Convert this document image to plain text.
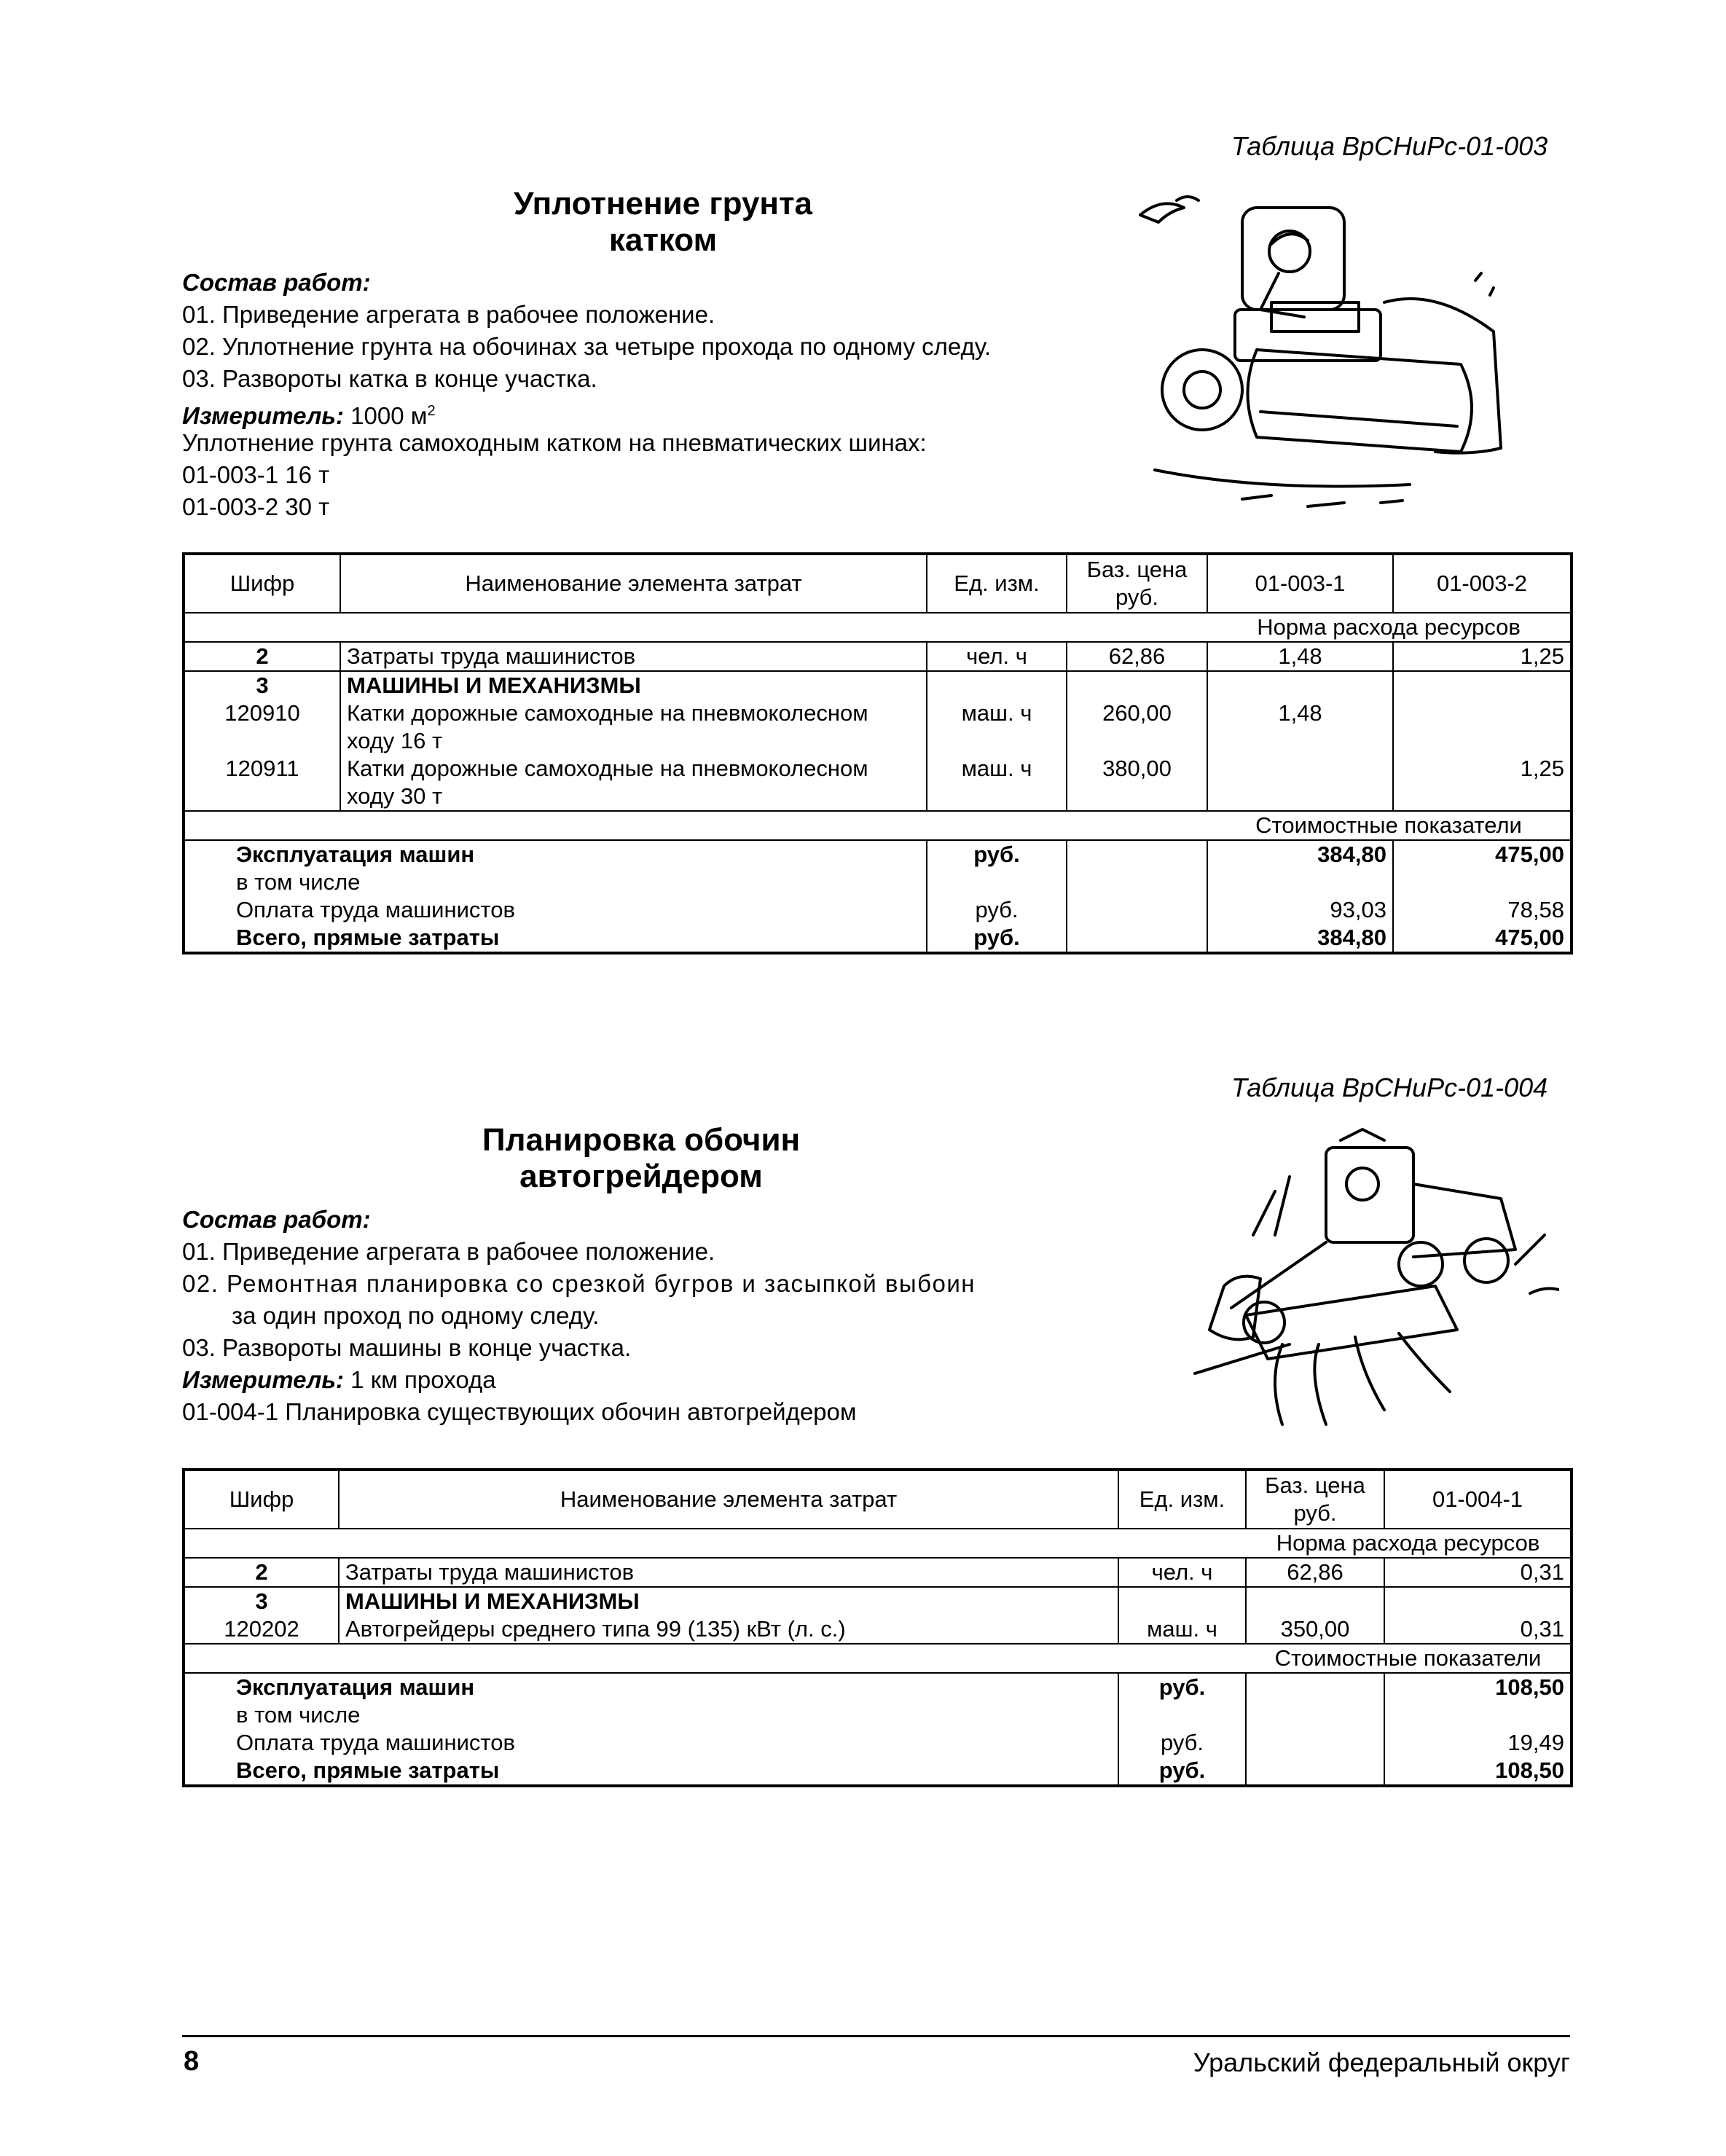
Таблица ВрСНиРс-01-003
Уплотнение грунта
катком
Состав работ:
01. Приведение агрегата в рабочее положение.
02. Уплотнение грунта на обочинах за четыре прохода по одному следу.
03. Развороты катка в конце участка.
Измеритель: 1000 $м^2$
Уплотнение грунта самоходным катком на пневматических шинах:
01-003-1 16 т
01-003-2 30 т
Шифр	Наименование элемента затрат	Ед. изм.	Баз. цена руб.	01-003-1	01-003-2
				Норма расхода ресурсов	
2	Затраты труда машинистов	чел. ч	62,86	1,48	1,25
3	МАШИНЫ И МЕХАНИЗМЫ				
120910	Катки дорожные самоходные на пневмоколесном ходу 16 т	маш. ч	260,00	1,48	
120911	Катки дорожные самоходные на пневмоколесном ходу 30 т	маш. ч	380,00		1,25
				Стоимостные показатели	
Эксплуатация машин		руб.		384,80	475,00
в том числе					
Оплата труда машинистов		руб.		93,03	78,58
Всего, прямые затраты		руб.		384,80	475,00
Таблица ВрСНиРс-01-004
Планировка обочин
автогрейдером
Состав работ:
01. Приведение агрегата в рабочее положение.
02. Ремонтная планировка со срезкой бугров и засыпкой выбоин
за один проход по одному следу.
03. Развороты машины в конце участка.
Измеритель: 1 км прохода
01-004-1 Планировка существующих обочин автогрейдером
Шифр	Наименование элемента затрат	Ед. изм.	Баз. цена руб.	01-004-1
			Норма расхода ресурсов	
2	Затраты труда машинистов	чел. ч	62,86	0,31
3	МАШИНЫ И МЕХАНИЗМЫ			
120202	Автогрейдеры среднего типа 99 (135) кВт (л. с.)	маш. ч	350,00	0,31
			Стоимостные показатели	
Эксплуатация машин		руб.		108,50
в том числе				
Оплата труда машинистов		руб.		19,49
Всего, прямые затраты		руб.		108,50
8	Уральский федеральный округ
